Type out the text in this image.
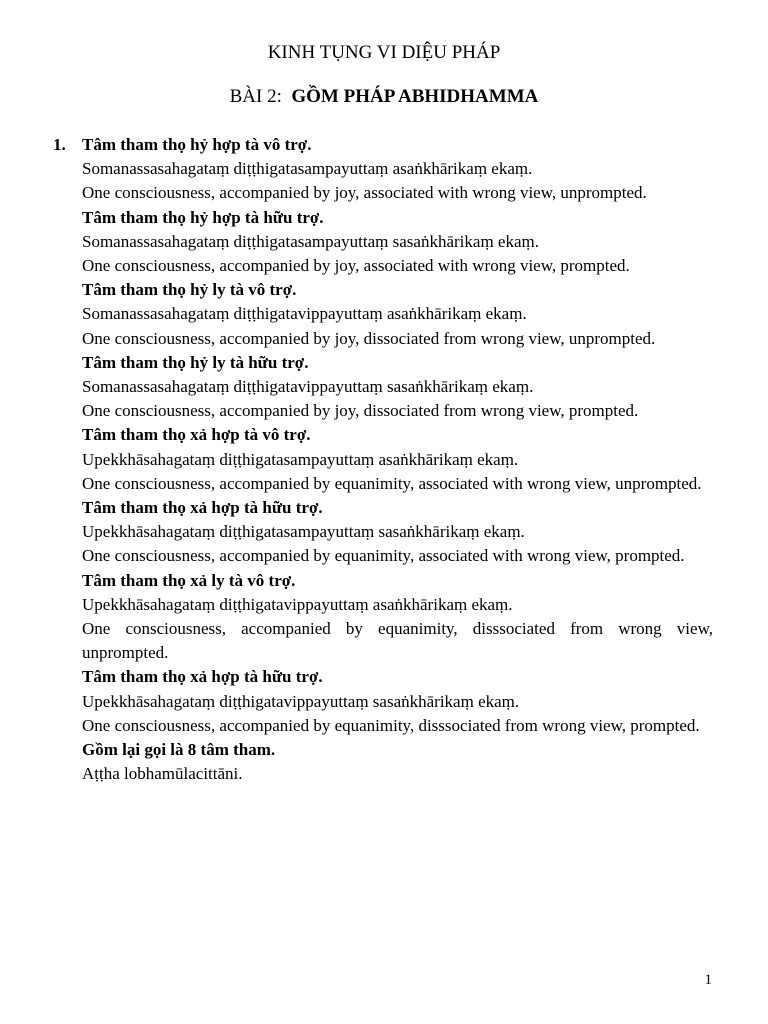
KINH TỤNG VI DIỆU PHÁP
BÀI 2: GỒM PHÁP ABHIDHAMMA
1. Tâm tham thọ hỷ hợp tà vô trợ.

Somanassasahagataṃ diṭṭhigatasampayuttaṃ asaṅkhārikaṃ ekaṃ.

One consciousness, accompanied by joy, associated with wrong view, unprompted.

Tâm tham thọ hỷ hợp tà hữu trợ.

Somanassasahagataṃ diṭṭhigatasampayuttaṃ sasaṅkhārikaṃ ekaṃ.

One consciousness, accompanied by joy, associated with wrong view, prompted.

Tâm tham thọ hỷ ly tà vô trợ.

Somanassasahagataṃ diṭṭhigatavippayuttaṃ asaṅkhārikaṃ ekaṃ.

One consciousness, accompanied by joy, dissociated from wrong view, unprompted.

Tâm tham thọ hỷ ly tà hữu trợ.

Somanassasahagataṃ diṭṭhigatavippayuttaṃ sasaṅkhārikaṃ ekaṃ.

One consciousness, accompanied by joy, dissociated from wrong view, prompted.

Tâm tham thọ xả hợp tà vô trợ.

Upekkhāsahagataṃ diṭṭhigatasampayuttaṃ asaṅkhārikaṃ ekaṃ.

One consciousness, accompanied by equanimity, associated with wrong view, unprompted.

Tâm tham thọ xả hợp tà hữu trợ.

Upekkhāsahagataṃ diṭṭhigatasampayuttaṃ sasaṅkhārikaṃ ekaṃ.

One consciousness, accompanied by equanimity, associated with wrong view, prompted.

Tâm tham thọ xả ly tà vô trợ.

Upekkhāsahagataṃ diṭṭhigatavippayuttaṃ asaṅkhārikaṃ ekaṃ.

One consciousness, accompanied by equanimity, disssociated from wrong view, unprompted.

Tâm tham thọ xả hợp tà hữu trợ.

Upekkhāsahagataṃ diṭṭhigatavippayuttaṃ sasaṅkhārikaṃ ekaṃ.

One consciousness, accompanied by equanimity, disssociated from wrong view, prompted.

Gồm lại gọi là 8 tâm tham.

Aṭṭha lobhamūlacittāni.

1
